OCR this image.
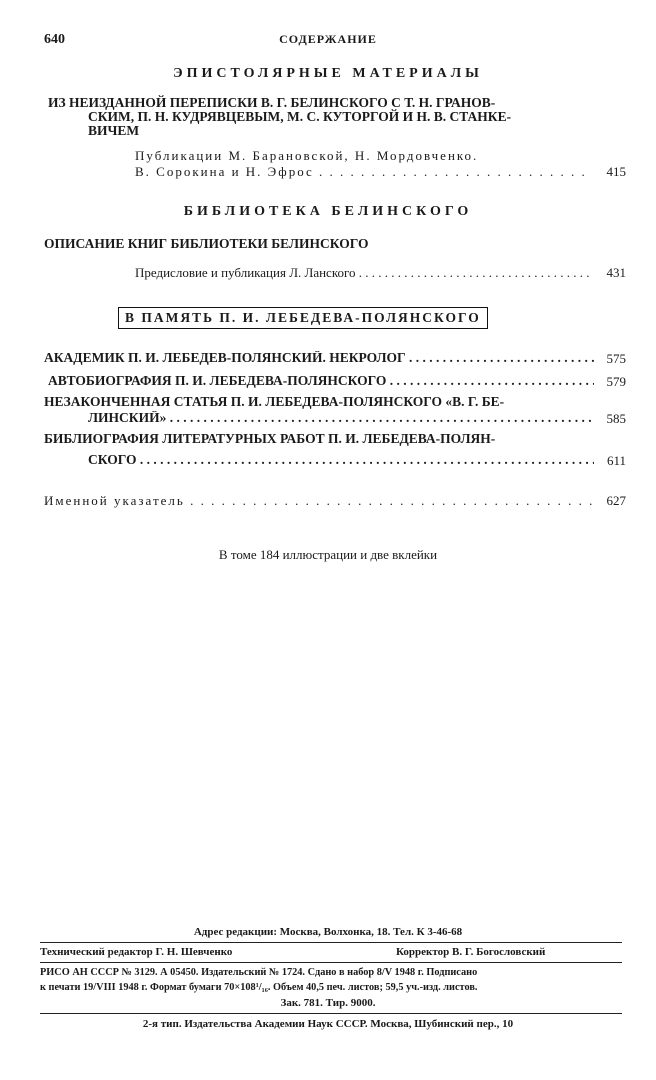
640	СОДЕРЖАНИЕ
ЭПИСТОЛЯРНЫЕ МАТЕРИАЛЫ
ИЗ НЕИЗДАННОЙ ПЕРЕПИСКИ В. Г. БЕЛИНСКОГО С Т. Н. ГРАНОВ-
СКИМ, П. Н. КУДРЯВЦЕВЫМ, М. С. КУТОРГОЙ И Н. В. СТАНКЕ-
ВИЧЕМ
Публикации М. Барановской, Н. Мордовченко.
В. Сорокина и Н. Эфрос . . .	415
БИБЛИОТЕКА БЕЛИНСКОГО
ОПИСАНИЕ КНИГ БИБЛИОТЕКИ БЕЛИНСКОГО
Предисловие и публикация Л. Ланского . . .	431
В ПАМЯТЬ П. И. ЛЕБЕДЕВА-ПОЛЯНСКОГО
АКАДЕМИК П. И. ЛЕБЕДЕВ-ПОЛЯНСКИЙ. НЕКРОЛОГ . . .	575
АВТОБИОГРАФИЯ П. И. ЛЕБЕДЕВА-ПОЛЯНСКОГО . . .	579
НЕЗАКОНЧЕННАЯ СТАТЬЯ П. И. ЛЕБЕДЕВА-ПОЛЯНСКОГО «В. Г. БЕ-
ЛИНСКИЙ» . . .	585
БИБЛИОГРАФИЯ ЛИТЕРАТУРНЫХ РАБОТ П. И. ЛЕБЕДЕВА-ПОЛЯН-
СКОГО . . .	611
Именной указатель . . .	627
В томе 184 иллюстрации и две вклейки
Адрес редакции: Москва, Волхонка, 18. Тел. К 3-46-68
Технический редактор Г. Н. Шевченко	Корректор В. Г. Богословский
РИСО АН СССР № 3129. А 05450. Издательский № 1724. Сдано в набор 8/V 1948 г. Подписано
к печати 19/VIII 1948 г. Формат бумаги 70×108¹/₁₆. Объем 40,5 печ. листов; 59,5 уч.-изд. листов.
Зак. 781. Тир. 9000.
2-я тип. Издательства Академии Наук СССР. Москва, Шубинский пер., 10
